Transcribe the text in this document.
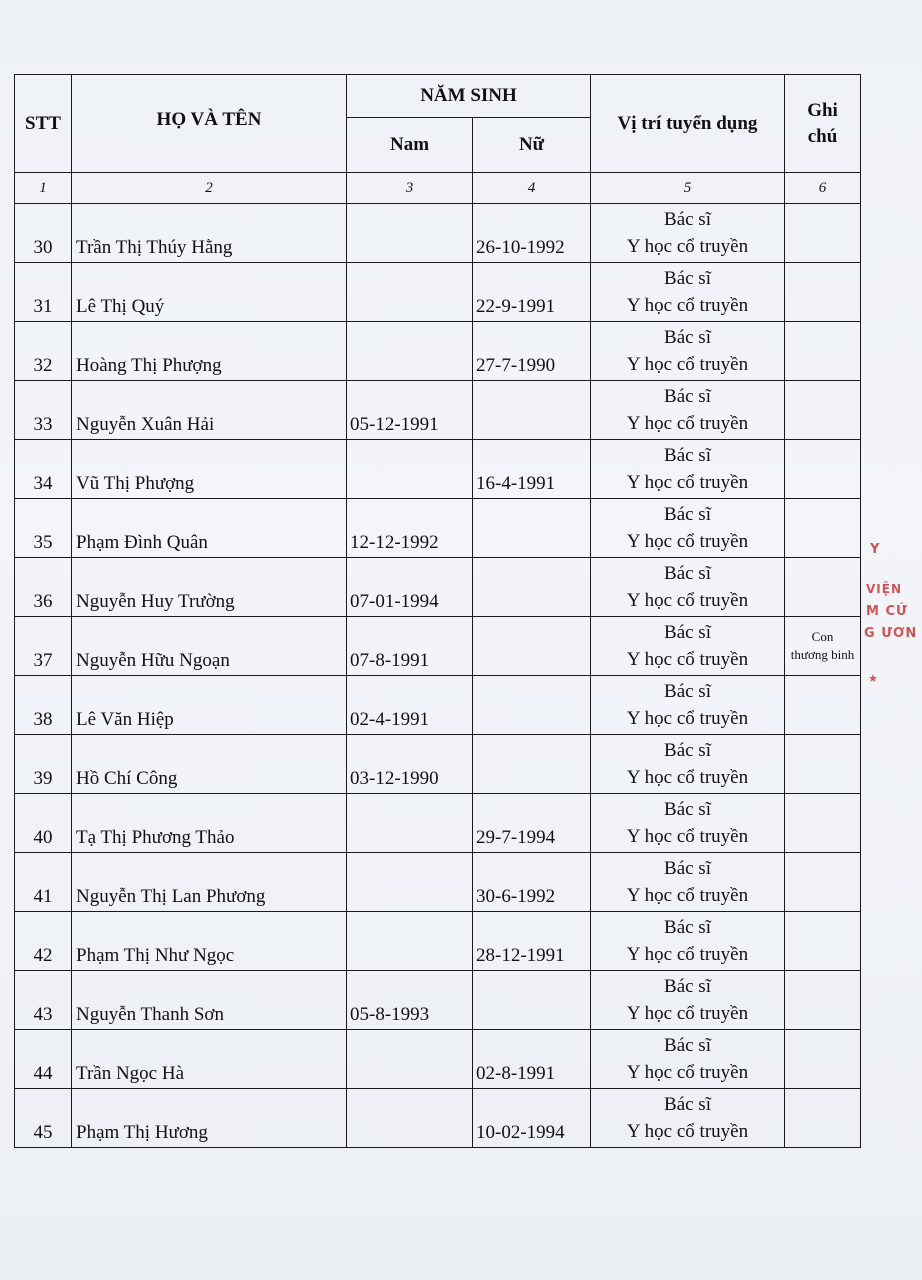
STT	HỌ VÀ TÊN	NĂM SINH		Vị trí tuyển dụng	Ghi chú
		Nam	Nữ		
1	2	3	4	5	6
30	Trần Thị Thúy Hằng		26-10-1992	Bác sĩ
Y học cổ truyền	

31	Lê Thị Quý		22-9-1991	Bác sĩ
Y học cổ truyền	

32	Hoàng Thị Phượng		27-7-1990	Bác sĩ
Y học cổ truyền	

33	Nguyễn Xuân Hải	05-12-1991		Bác sĩ
Y học cổ truyền	

34	Vũ Thị Phượng		16-4-1991	Bác sĩ
Y học cổ truyền	

35	Phạm Đình Quân	12-12-1992		Bác sĩ
Y học cổ truyền	

36	Nguyễn Huy Trường	07-01-1994		Bác sĩ
Y học cổ truyền	

37	Nguyễn Hữu Ngoạn	07-8-1991		Bác sĩ
Y học cổ truyền	Con
thương binh

38	Lê Văn Hiệp	02-4-1991		Bác sĩ
Y học cổ truyền	

39	Hồ Chí Công	03-12-1990		Bác sĩ
Y học cổ truyền	

40	Tạ Thị Phương Thảo		29-7-1994	Bác sĩ
Y học cổ truyền	

41	Nguyễn Thị Lan Phương		30-6-1992	Bác sĩ
Y học cổ truyền	

42	Phạm Thị Như Ngọc		28-12-1991	Bác sĩ
Y học cổ truyền	

43	Nguyễn Thanh Sơn	05-8-1993		Bác sĩ
Y học cổ truyền	

44	Trần Ngọc Hà		02-8-1991	Bác sĩ
Y học cổ truyền	

45	Phạm Thị Hương		10-02-1994	Bác sĩ
Y học cổ truyền	

Y
VIỆN
M CỨ
G ƯƠN
★
